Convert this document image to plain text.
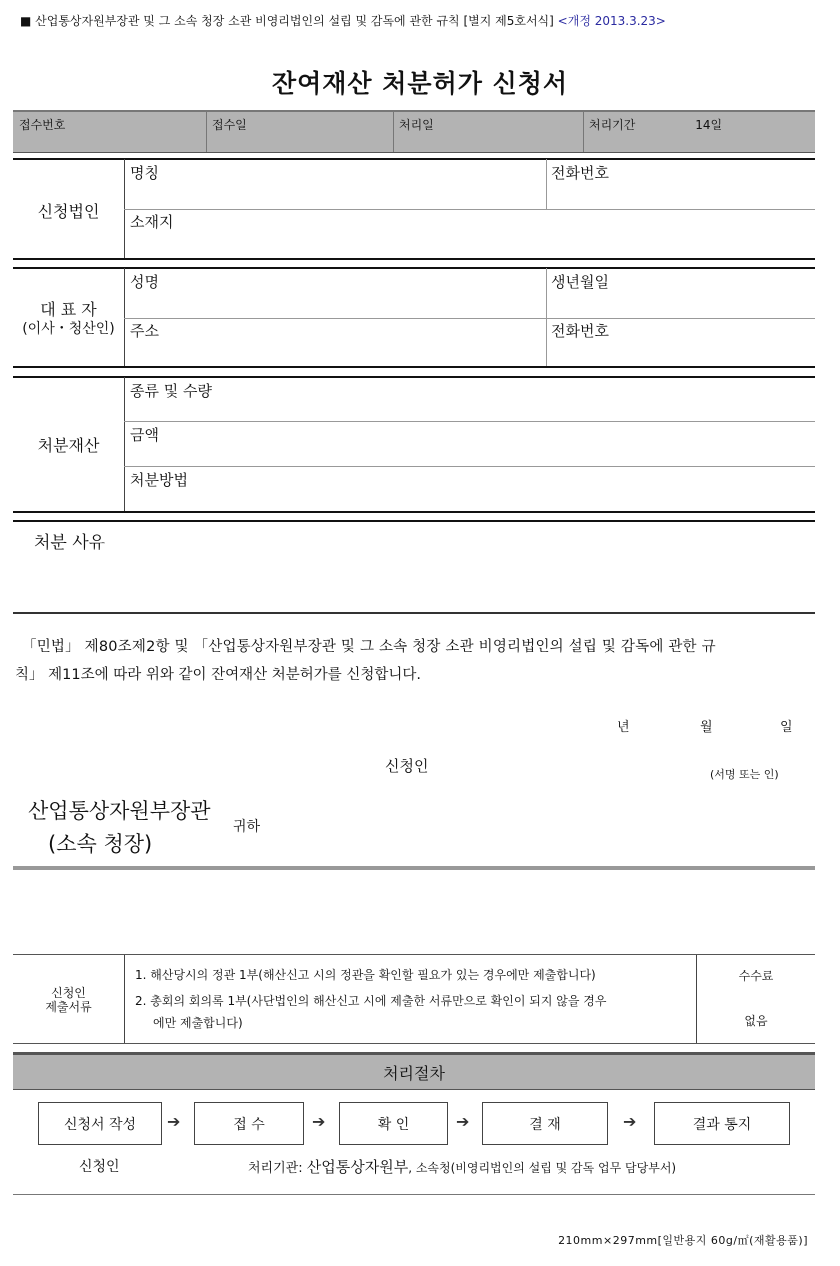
■ 산업통상자원부장관 및 그 소속 청장 소관 비영리법인의 설립 및 감독에 관한 규칙 [별지 제5호서식] <개정 2013.3.23>
잔여재산 처분허가 신청서
접수번호	접수일	처리일	처리기간	14일
신청법인
명칭	전화번호
소재지
대 표 자
(이사・청산인)
성명	생년월일
주소	전화번호
처분재산
종류 및 수량
금액
처분방법
처분 사유
「민법」 제80조제2항 및 「산업통상자원부장관 및 그 소속 청장 소관 비영리법인의 설립 및 감독에 관한 규
칙」 제11조에 따라 위와 같이 잔여재산 처분허가를 신청합니다.
년	월	일
신청인	(서명 또는 인)
산업통상자원부장관
(소속 청장)
귀하
신청인
제출서류
1. 해산당시의 정관 1부(해산신고 시의 정관을 확인할 필요가 있는 경우에만 제출합니다)
2. 총회의 회의록 1부(사단법인의 해산신고 시에 제출한 서류만으로 확인이 되지 않을 경우
에만 제출합니다)
수수료
없음
처리절차
신청서 작성 ➔	접 수	➔	확 인	➔	결 재	➔	결과 통지
신청인	처리기관: 산업통상자원부, 소속청(비영리법인의 설립 및 감독 업무 담당부서)
210mm×297mm[일반용지 60g/㎡(재활용품)]
